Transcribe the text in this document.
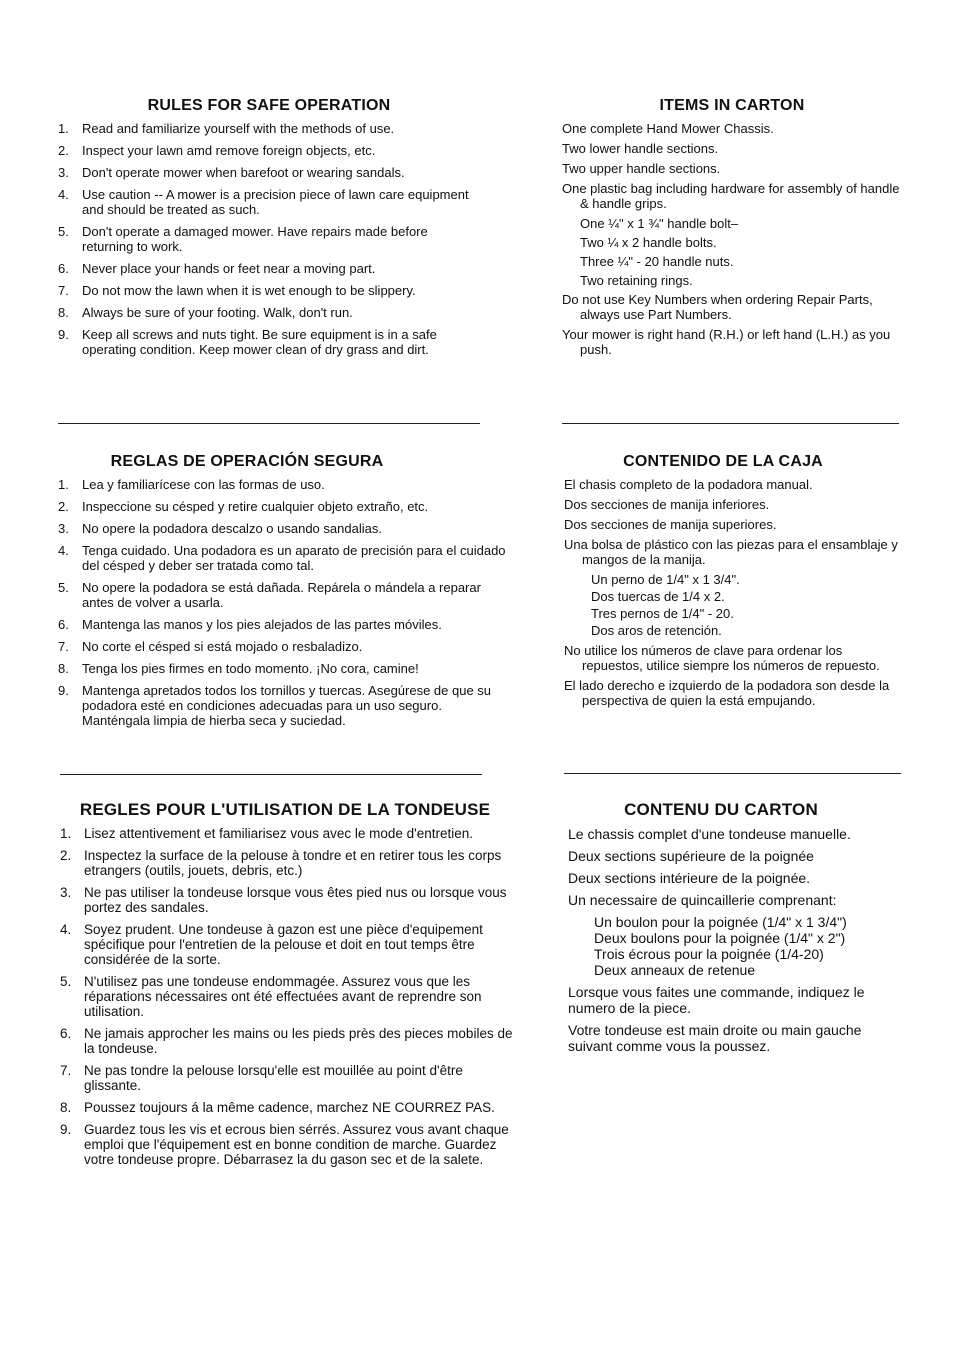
RULES FOR SAFE OPERATION
1.	Read and familiarize yourself with the methods of use.
2.	Inspect your lawn amd remove foreign objects, etc.
3.	Don't operate mower when barefoot or wearing sandals.
4.	Use caution -- A mower is a precision piece of lawn care equipment and should be treated as such.
5.	Don't operate a damaged mower. Have repairs made before returning to work.
6.	Never place your hands or feet near a moving part.
7.	Do not mow the lawn when it is wet enough to be slippery.
8.	Always be sure of your footing. Walk, don't run.
9.	Keep all screws and nuts tight. Be sure equipment is in a safe operating condition. Keep mower clean of dry grass and dirt.
ITEMS IN CARTON

One complete Hand Mower Chassis.

Two lower handle sections.

Two upper handle sections.

One plastic bag including hardware for assembly of handle & handle grips.

One ¼" x 1 ¾" handle bolt–

Two ¼ x 2 handle bolts.

Three ¼" - 20 handle nuts.

Two retaining rings.

Do not use Key Numbers when ordering Repair Parts, always use Part Numbers.

Your mower is right hand (R.H.) or left hand (L.H.) as you push.

REGLAS DE OPERACIÓN SEGURA
1.	Lea y familiarícese con las formas de uso.
2.	Inspeccione su césped y retire cualquier objeto extraño, etc.
3.	No opere la podadora descalzo o usando sandalias.
4.	Tenga cuidado. Una podadora es un aparato de precisión para el cuidado del césped y deber ser tratada como tal.
5.	No opere la podadora se está dañada. Repárela o mándela a reparar antes de volver a usarla.
6.	Mantenga las manos y los pies alejados de las partes móviles.
7.	No corte el césped si está mojado o resbaladizo.
8.	Tenga los pies firmes en todo momento. ¡No cora, camine!
9.	Mantenga apretados todos los tornillos y tuercas. Asegúrese de que su podadora esté en condiciones adecuadas para un uso seguro. Manténgala limpia de hierba seca y suciedad.
CONTENIDO DE LA CAJA

El chasis completo de la podadora manual.

Dos secciones de manija inferiores.

Dos secciones de manija superiores.

Una bolsa de plástico con las piezas para el ensamblaje y mangos de la manija.

Un perno de 1/4" x 1 3/4".

Dos tuercas de 1/4 x 2.

Tres pernos de 1/4" - 20.

Dos aros de retención.

No utilice los números de clave para ordenar los repuestos, utilice siempre los números de repuesto.

El lado derecho e izquierdo de la podadora son desde la perspectiva de quien la está empujando.

REGLES POUR L'UTILISATION DE LA TONDEUSE
1. Lisez attentivement et familiarisez vous avec le mode d'entretien.
2. Inspectez la surface de la pelouse à tondre et en retirer tous les corps etrangers (outils, jouets, debris, etc.)
3. Ne pas utiliser la tondeuse lorsque vous êtes pied nus ou lorsque vous portez des sandales.
4. Soyez prudent. Une tondeuse à gazon est une pièce d'equipement spécifique pour l'entretien de la pelouse et doit en tout temps être considérée de la sorte.
5. N'utilisez pas une tondeuse endommagée. Assurez vous que les réparations nécessaires ont été effectuées avant de reprendre son utilisation.
6. Ne jamais approcher les mains ou les pieds près des pieces mobiles de la tondeuse.
7. Ne pas tondre la pelouse lorsqu'elle est mouillée au point d'être glissante.
8. Poussez toujours á la même cadence, marchez NE COURREZ PAS.
9. Guardez tous les vis et ecrous bien sérrés. Assurez vous avant chaque emploi que l'équipement est en bonne condition de marche. Guardez votre tondeuse propre. Débarrasez la du gason sec et de la salete.
CONTENU DU CARTON

Le chassis complet d'une tondeuse manuelle.

Deux sections supérieure de la poignée

Deux sections intérieure de la poignée.

Un necessaire de quincaillerie comprenant:

Un boulon pour la poignée (1/4" x 1 3/4")

Deux boulons pour la poignée (1/4" x 2")

Trois écrous pour la poignée (1/4-20)

Deux anneaux de retenue

Lorsque vous faites une commande, indiquez le numero de la piece.

Votre tondeuse est main droite ou main gauche suivant comme vous la poussez.
